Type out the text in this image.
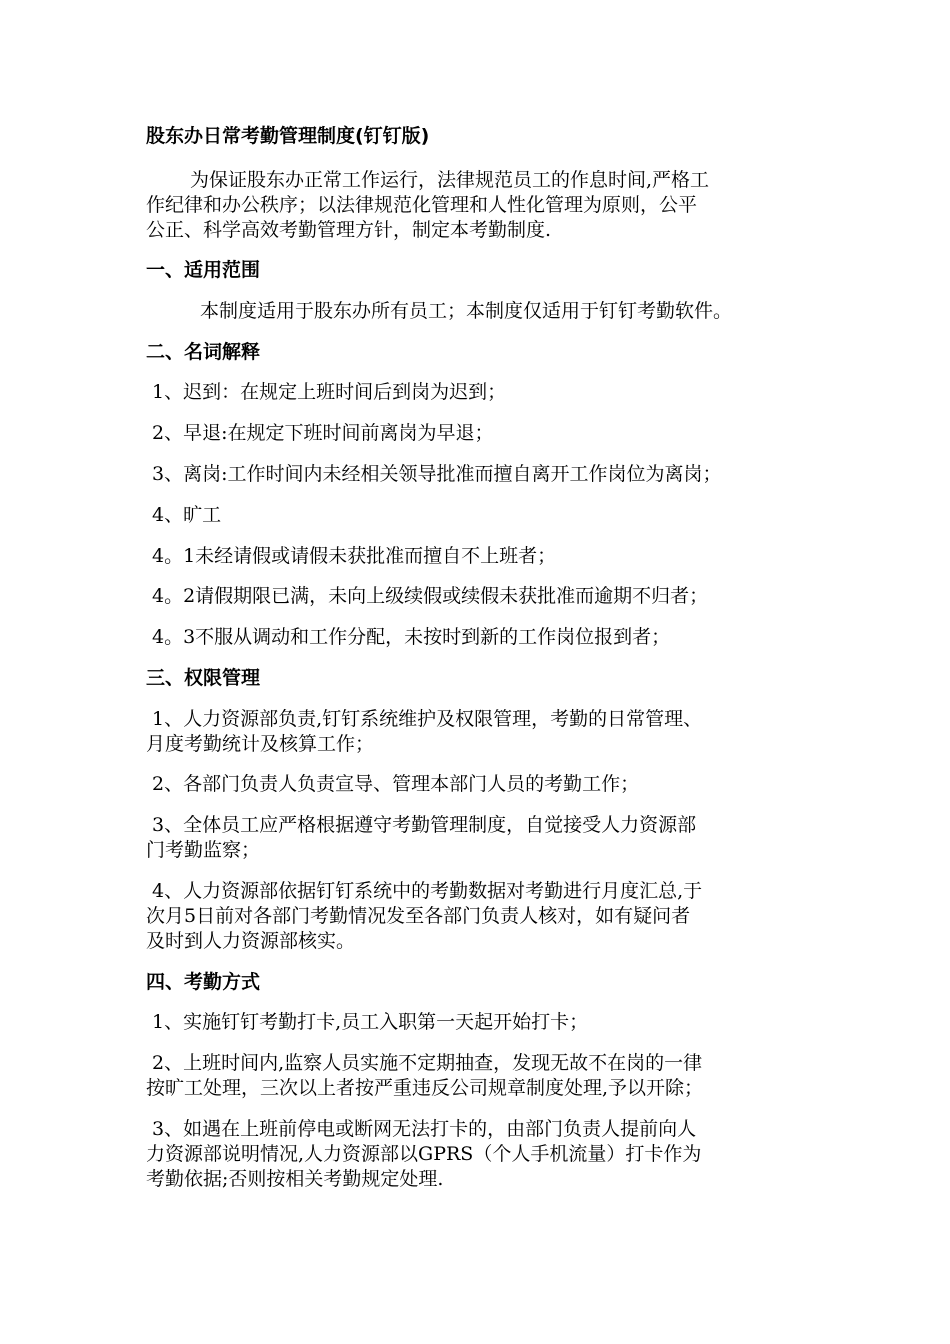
股东办日常考勤管理制度(钉钉版)
为保证股东办正常工作运行，法律规范员工的作息时间,严格工
作纪律和办公秩序；以法律规范化管理和人性化管理为原则，公平
公正、科学高效考勤管理方针，制定本考勤制度.
一、适用范围
本制度适用于股东办所有员工；本制度仅适用于钉钉考勤软件。
二、名词解释
1、迟到：在规定上班时间后到岗为迟到；
2、早退:在规定下班时间前离岗为早退；
3、离岗:工作时间内未经相关领导批准而擅自离开工作岗位为离岗；
4、旷工
4。1未经请假或请假未获批准而擅自不上班者；
4。2请假期限已满，未向上级续假或续假未获批准而逾期不归者；
4。3不服从调动和工作分配，未按时到新的工作岗位报到者；
三、权限管理
1、人力资源部负责,钉钉系统维护及权限管理，考勤的日常管理、
月度考勤统计及核算工作；
2、各部门负责人负责宣导、管理本部门人员的考勤工作；
3、全体员工应严格根据遵守考勤管理制度，自觉接受人力资源部
门考勤监察；
4、人力资源部依据钉钉系统中的考勤数据对考勤进行月度汇总,于
次月5日前对各部门考勤情况发至各部门负责人核对，如有疑问者
及时到人力资源部核实。
四、考勤方式
1、实施钉钉考勤打卡,员工入职第一天起开始打卡；
2、上班时间内,监察人员实施不定期抽查，发现无故不在岗的一律
按旷工处理，三次以上者按严重违反公司规章制度处理,予以开除；
3、如遇在上班前停电或断网无法打卡的，由部门负责人提前向人
力资源部说明情况,人力资源部以GPRS（个人手机流量）打卡作为
考勤依据;否则按相关考勤规定处理.
